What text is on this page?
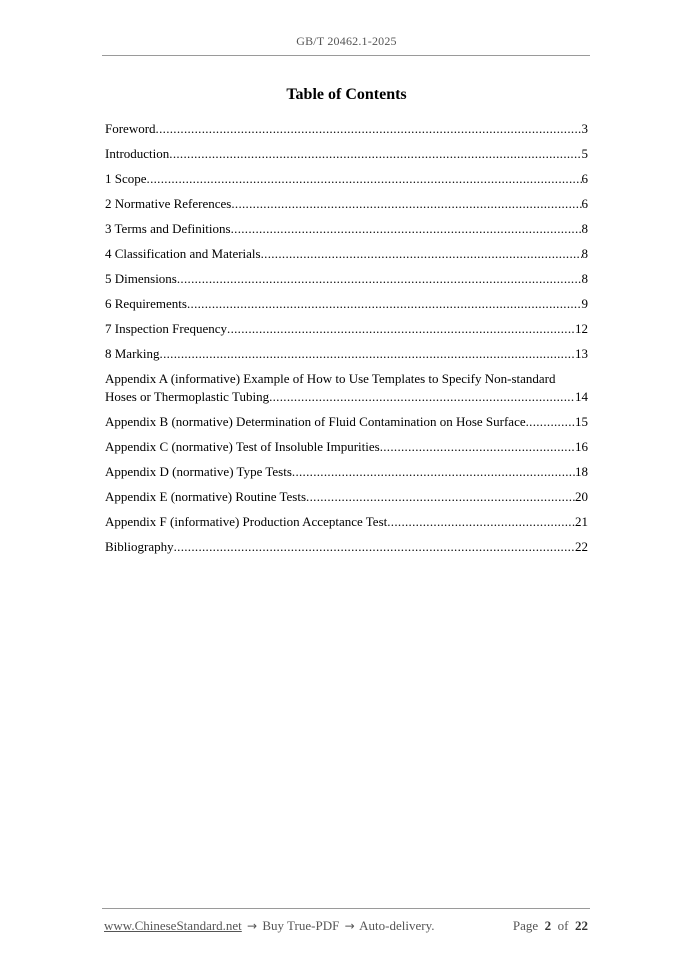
GB/T 20462.1-2025
Table of Contents
Foreword .....	3
Introduction .....	5
1 Scope .....	6
2 Normative References .....	6
3 Terms and Definitions .....	8
4 Classification and Materials .....	8
5 Dimensions .....	8
6 Requirements .....	9
7 Inspection Frequency .....	12
8 Marking .....	13
Appendix A (informative) Example of How to Use Templates to Specify Non-standard
Hoses or Thermoplastic Tubing .....	14
Appendix B (normative) Determination of Fluid Contamination on Hose Surface .....	15
Appendix C (normative) Test of Insoluble Impurities .....	16
Appendix D (normative) Type Tests .....	18
Appendix E (normative) Routine Tests .....	20
Appendix F (informative) Production Acceptance Test .....	21
Bibliography .....	22
www.ChineseStandard.net → Buy True-PDF → Auto-delivery.	Page 2 of 22
